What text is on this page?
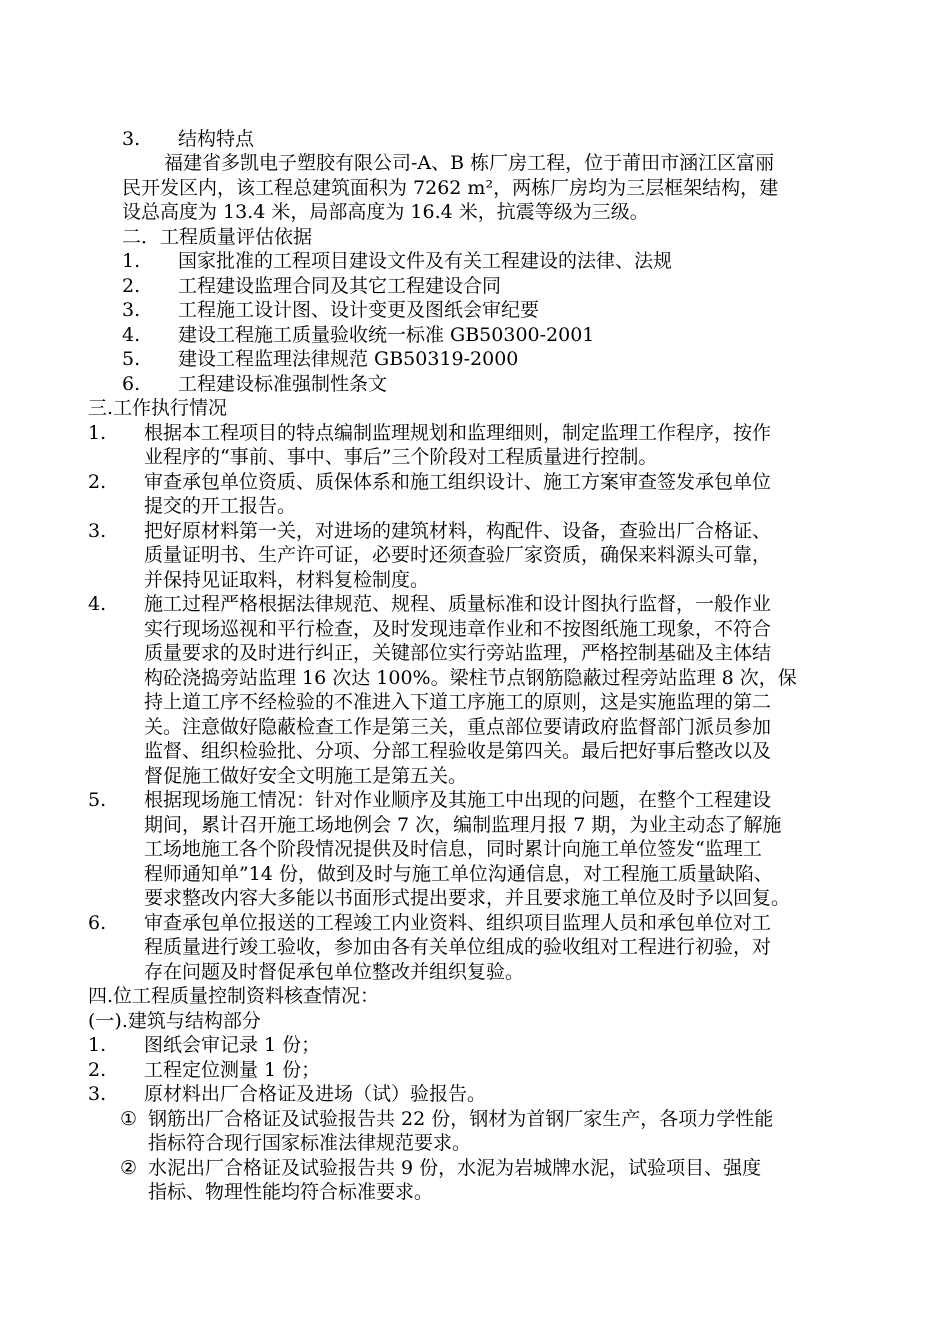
3. 结构特点
福建省多凯电子塑胶有限公司-A、B 栋厂房工程，位于莆田市涵江区富丽
民开发区内，该工程总建筑面积为 7262 m²，两栋厂房均为三层框架结构，建
设总高度为 13.4 米，局部高度为 16.4 米，抗震等级为三级。
二．工程质量评估依据
1. 国家批准的工程项目建设文件及有关工程建设的法律、法规
2. 工程建设监理合同及其它工程建设合同
3. 工程施工设计图、设计变更及图纸会审纪要
4. 建设工程施工质量验收统一标准 GB50300-2001
5. 建设工程监理法律规范 GB50319-2000
6. 工程建设标准强制性条文
三.工作执行情况
1. 根据本工程项目的特点编制监理规划和监理细则，制定监理工作程序，按作
业程序的“事前、事中、事后”三个阶段对工程质量进行控制。
2. 审查承包单位资质、质保体系和施工组织设计、施工方案审查签发承包单位
提交的开工报告。
3. 把好原材料第一关，对进场的建筑材料，构配件、设备，查验出厂合格证、
质量证明书、生产许可证，必要时还须查验厂家资质，确保来料源头可靠，
并保持见证取料，材料复检制度。
4. 施工过程严格根据法律规范、规程、质量标准和设计图执行监督，一般作业
实行现场巡视和平行检查，及时发现违章作业和不按图纸施工现象，不符合
质量要求的及时进行纠正，关键部位实行旁站监理，严格控制基础及主体结
构砼浇捣旁站监理 16 次达 100%。梁柱节点钢筋隐蔽过程旁站监理 8 次，保
持上道工序不经检验的不准进入下道工序施工的原则，这是实施监理的第二
关。注意做好隐蔽检查工作是第三关，重点部位要请政府监督部门派员参加
监督、组织检验批、分项、分部工程验收是第四关。最后把好事后整改以及
督促施工做好安全文明施工是第五关。
5. 根据现场施工情况：针对作业顺序及其施工中出现的问题，在整个工程建设
期间，累计召开施工场地例会 7 次，编制监理月报 7 期，为业主动态了解施
工场地施工各个阶段情况提供及时信息，同时累计向施工单位签发“监理工
程师通知单”14 份，做到及时与施工单位沟通信息，对工程施工质量缺陷、
要求整改内容大多能以书面形式提出要求，并且要求施工单位及时予以回复。
6. 审查承包单位报送的工程竣工内业资料、组织项目监理人员和承包单位对工
程质量进行竣工验收，参加由各有关单位组成的验收组对工程进行初验，对
存在问题及时督促承包单位整改并组织复验。
四.位工程质量控制资料核查情况：
(一).建筑与结构部分
1. 图纸会审记录 1 份；
2. 工程定位测量 1 份；
3. 原材料出厂合格证及进场（试）验报告。
① 钢筋出厂合格证及试验报告共 22 份，钢材为首钢厂家生产，各项力学性能
指标符合现行国家标准法律规范要求。
② 水泥出厂合格证及试验报告共 9 份，水泥为岩城牌水泥，试验项目、强度
指标、物理性能均符合标准要求。
